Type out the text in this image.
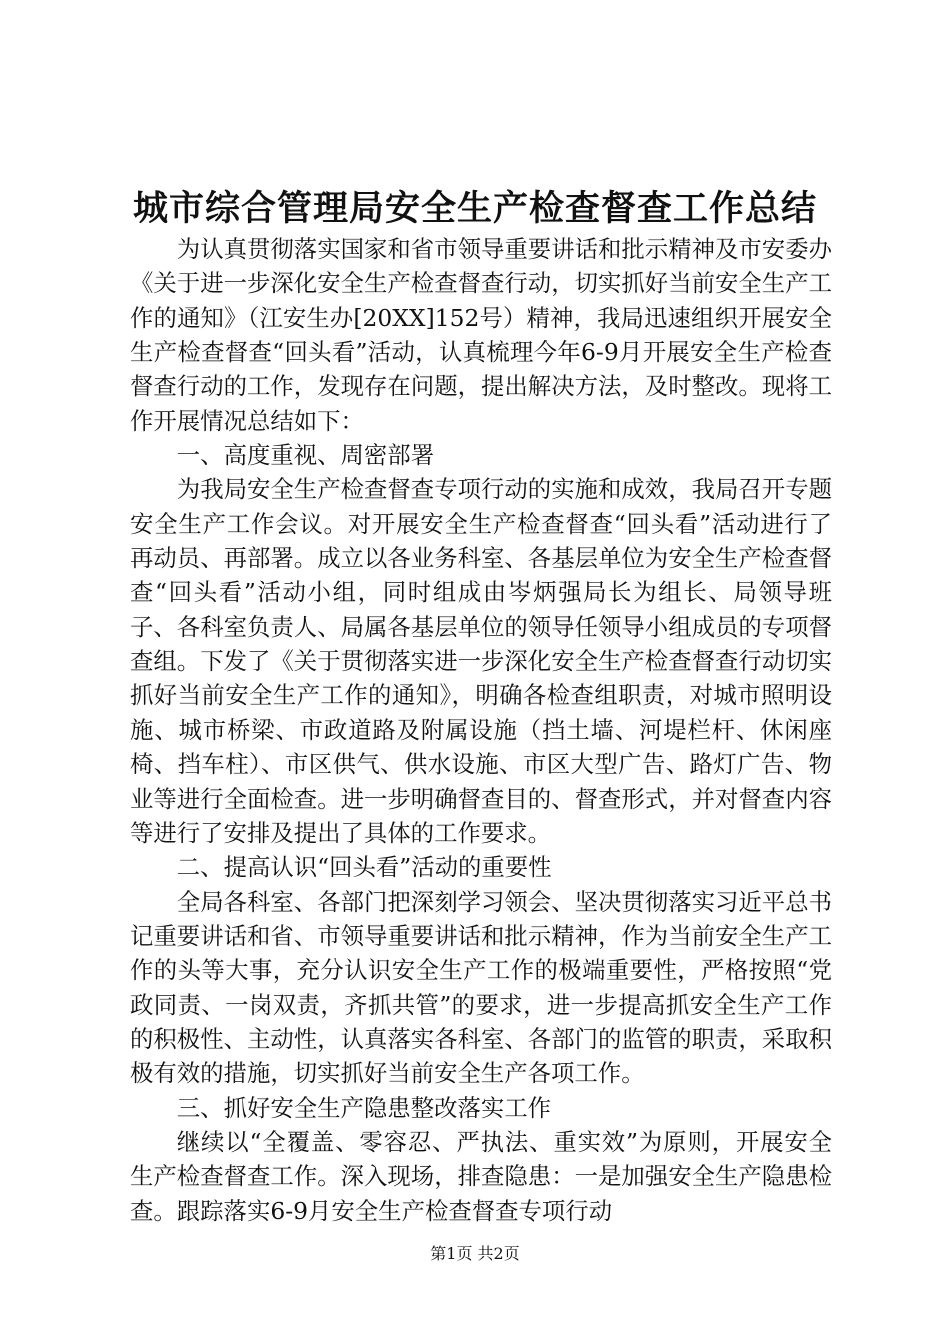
城市综合管理局安全生产检查督查工作总结

为认真贯彻落实国家和省市领导重要讲话和批示精神及市安委办《关于进一步深化安全生产检查督查行动，切实抓好当前安全生产工作的通知》（江安生办[20XX]152号）精神，我局迅速组织开展安全生产检查督查“回头看”活动，认真梳理今年6-9月开展安全生产检查督查行动的工作，发现存在问题，提出解决方法，及时整改。现将工作开展情况总结如下：

一、高度重视、周密部署

为我局安全生产检查督查专项行动的实施和成效，我局召开专题安全生产工作会议。对开展安全生产检查督查“回头看”活动进行了再动员、再部署。成立以各业务科室、各基层单位为安全生产检查督查“回头看”活动小组，同时组成由岑炳强局长为组长、局领导班子、各科室负责人、局属各基层单位的领导任领导小组成员的专项督查组。下发了《关于贯彻落实进一步深化安全生产检查督查行动切实抓好当前安全生产工作的通知》，明确各检查组职责，对城市照明设施、城市桥梁、市政道路及附属设施（挡土墙、河堤栏杆、休闲座椅、挡车柱）、市区供气、供水设施、市区大型广告、路灯广告、物业等进行全面检查。进一步明确督查目的、督查形式，并对督查内容等进行了安排及提出了具体的工作要求。

二、提高认识“回头看”活动的重要性

全局各科室、各部门把深刻学习领会、坚决贯彻落实习近平总书记重要讲话和省、市领导重要讲话和批示精神，作为当前安全生产工作的头等大事，充分认识安全生产工作的极端重要性，严格按照“党政同责、一岗双责，齐抓共管”的要求，进一步提高抓安全生产工作的积极性、主动性，认真落实各科室、各部门的监管的职责，采取积极有效的措施，切实抓好当前安全生产各项工作。

三、抓好安全生产隐患整改落实工作

继续以“全覆盖、零容忍、严执法、重实效”为原则，开展安全生产检查督查工作。深入现场，排查隐患：一是加强安全生产隐患检查。跟踪落实6-9月安全生产检查督查专项行动

第1页 共2页
